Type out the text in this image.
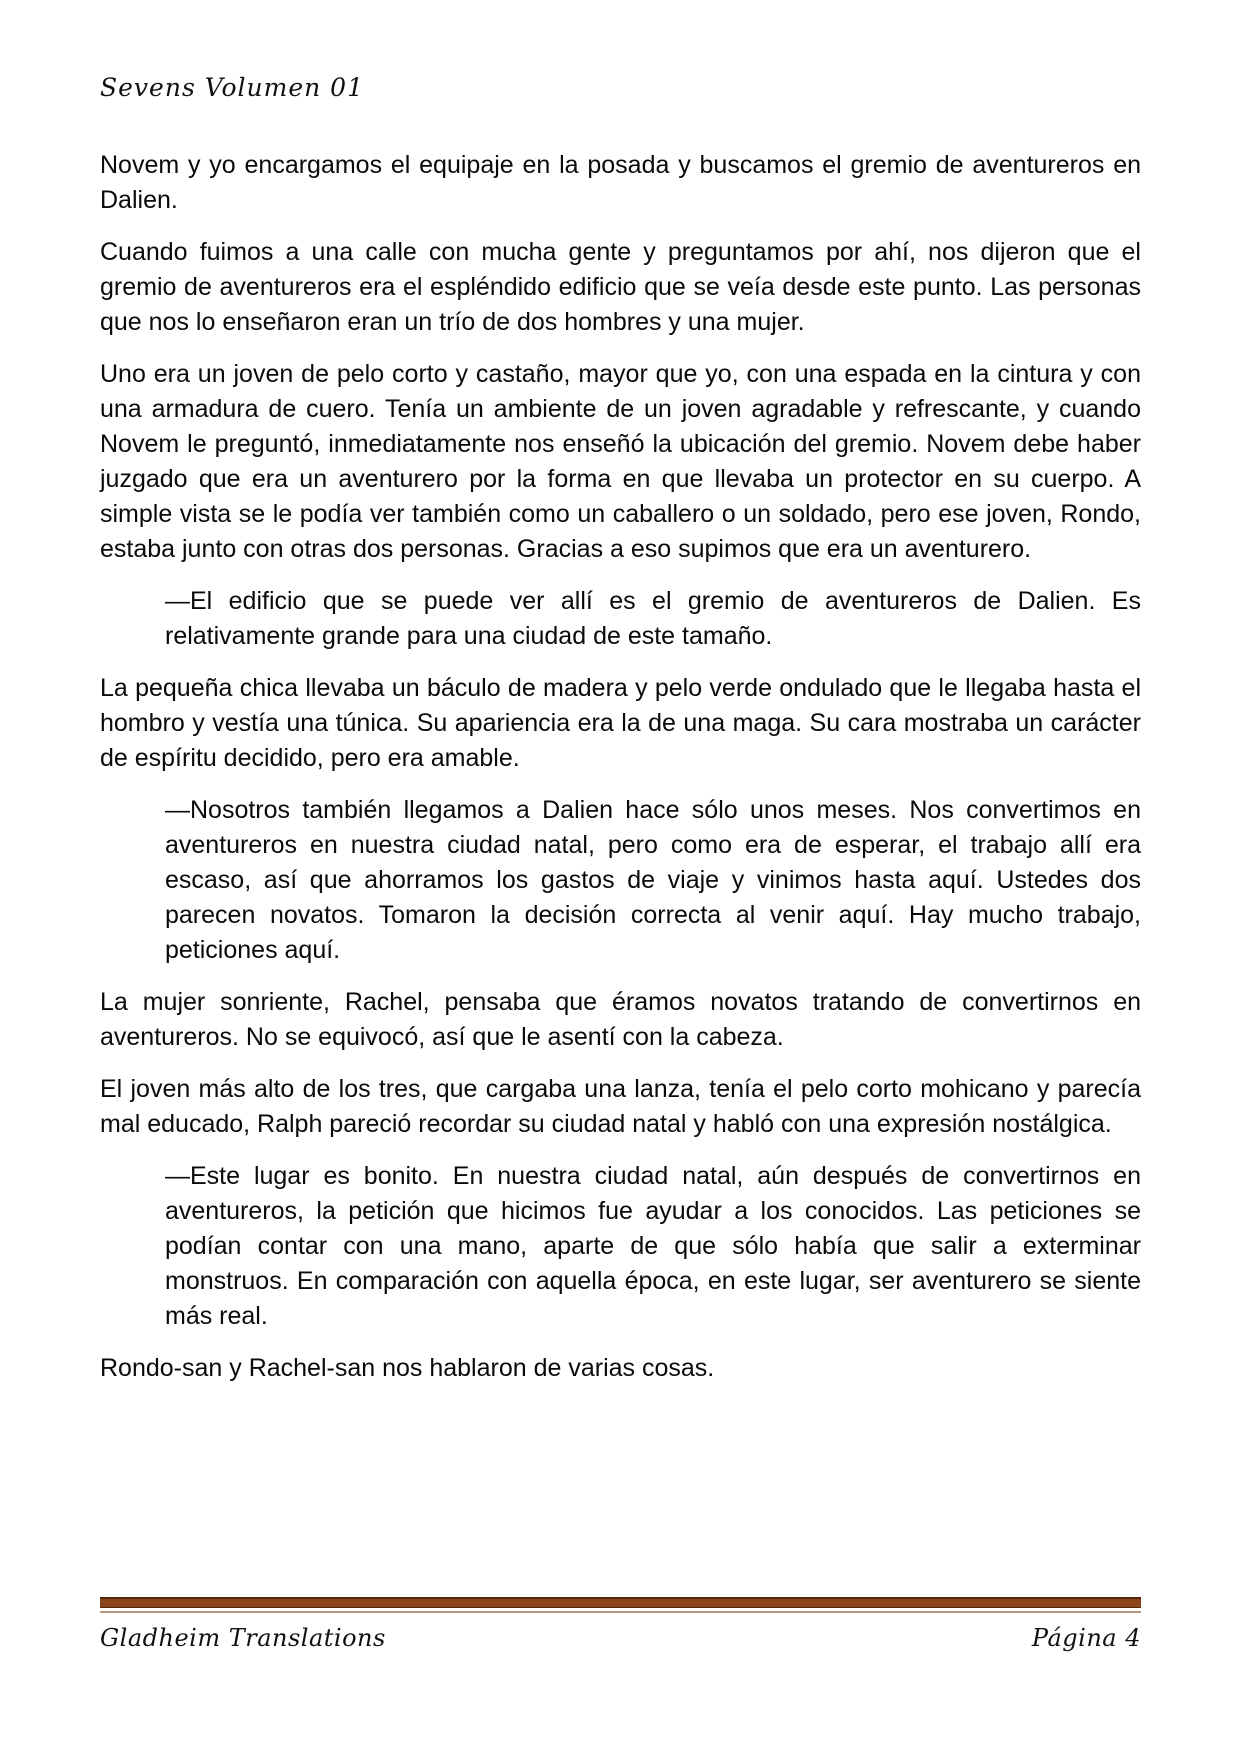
Sevens Volumen 01

Novem y yo encargamos el equipaje en la posada y buscamos el gremio de aventureros en Dalien.

Cuando fuimos a una calle con mucha gente y preguntamos por ahí, nos dijeron que el gremio de aventureros era el espléndido edificio que se veía desde este punto. Las personas que nos lo enseñaron eran un trío de dos hombres y una mujer.

Uno era un joven de pelo corto y castaño, mayor que yo, con una espada en la cintura y con una armadura de cuero. Tenía un ambiente de un joven agradable y refrescante, y cuando Novem le preguntó, inmediatamente nos enseñó la ubicación del gremio. Novem debe haber juzgado que era un aventurero por la forma en que llevaba un protector en su cuerpo. A simple vista se le podía ver también como un caballero o un soldado, pero ese joven, Rondo, estaba junto con otras dos personas. Gracias a eso supimos que era un aventurero.

—El edificio que se puede ver allí es el gremio de aventureros de Dalien. Es relativamente grande para una ciudad de este tamaño.

La pequeña chica llevaba un báculo de madera y pelo verde ondulado que le llegaba hasta el hombro y vestía una túnica. Su apariencia era la de una maga. Su cara mostraba un carácter de espíritu decidido, pero era amable.

—Nosotros también llegamos a Dalien hace sólo unos meses. Nos convertimos en aventureros en nuestra ciudad natal, pero como era de esperar, el trabajo allí era escaso, así que ahorramos los gastos de viaje y vinimos hasta aquí. Ustedes dos parecen novatos. Tomaron la decisión correcta al venir aquí. Hay mucho trabajo, peticiones aquí.

La mujer sonriente, Rachel, pensaba que éramos novatos tratando de convertirnos en aventureros. No se equivocó, así que le asentí con la cabeza.

El joven más alto de los tres, que cargaba una lanza, tenía el pelo corto mohicano y parecía mal educado, Ralph pareció recordar su ciudad natal y habló con una expresión nostálgica.

—Este lugar es bonito. En nuestra ciudad natal, aún después de convertirnos en aventureros, la petición que hicimos fue ayudar a los conocidos. Las peticiones se podían contar con una mano, aparte de que sólo había que salir a exterminar monstruos. En comparación con aquella época, en este lugar, ser aventurero se siente más real.

Rondo-san y Rachel-san nos hablaron de varias cosas.

Gladheim Translations	Página 4
